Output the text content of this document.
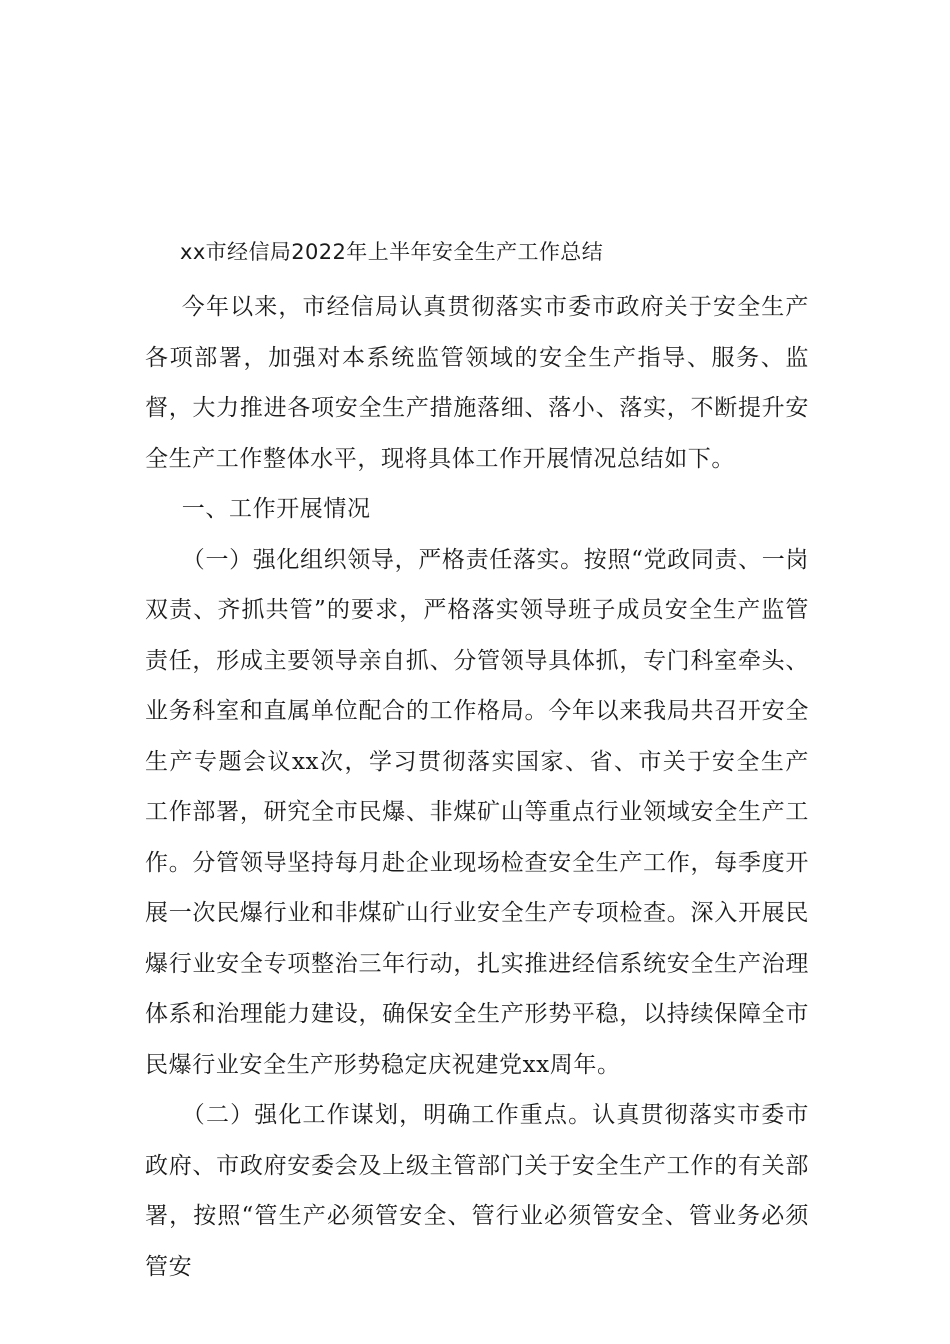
xx市经信局2022年上半年安全生产工作总结

今年以来，市经信局认真贯彻落实市委市政府关于安全生产各项部署，加强对本系统监管领域的安全生产指导、服务、监督，大力推进各项安全生产措施落细、落小、落实，不断提升安全生产工作整体水平，现将具体工作开展情况总结如下。

一、工作开展情况

（一）强化组织领导，严格责任落实。按照“党政同责、一岗双责、齐抓共管”的要求，严格落实领导班子成员安全生产监管责任，形成主要领导亲自抓、分管领导具体抓，专门科室牵头、业务科室和直属单位配合的工作格局。今年以来我局共召开安全生产专题会议xx次，学习贯彻落实国家、省、市关于安全生产工作部署，研究全市民爆、非煤矿山等重点行业领域安全生产工作。分管领导坚持每月赴企业现场检查安全生产工作，每季度开展一次民爆行业和非煤矿山行业安全生产专项检查。深入开展民爆行业安全专项整治三年行动，扎实推进经信系统安全生产治理体系和治理能力建设，确保安全生产形势平稳，以持续保障全市民爆行业安全生产形势稳定庆祝建党xx周年。

（二）强化工作谋划，明确工作重点。认真贯彻落实市委市政府、市政府安委会及上级主管部门关于安全生产工作的有关部署，按照“管生产必须管安全、管行业必须管安全、管业务必须管安
